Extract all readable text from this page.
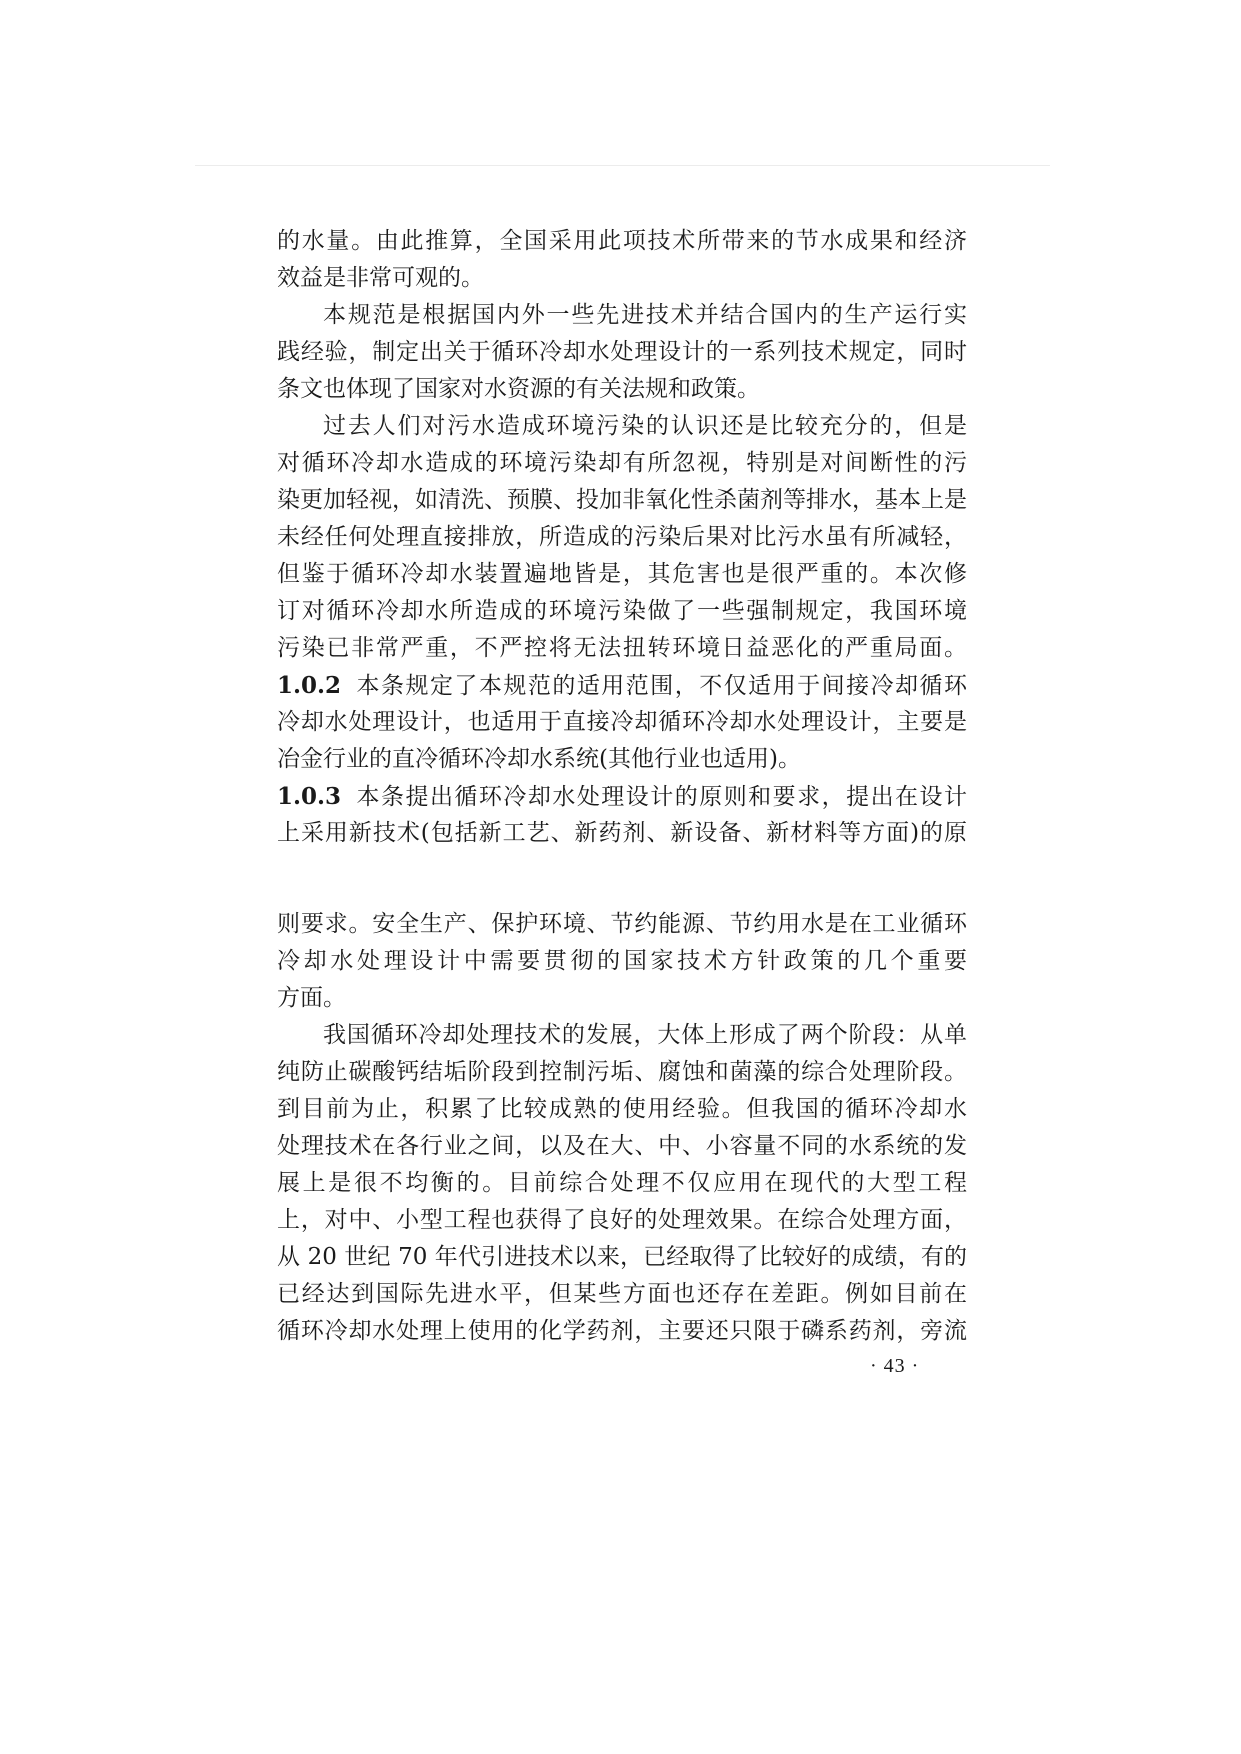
的水量。由此推算，全国采用此项技术所带来的节水成果和经济
效益是非常可观的。
本规范是根据国内外一些先进技术并结合国内的生产运行实
践经验，制定出关于循环冷却水处理设计的一系列技术规定，同时
条文也体现了国家对水资源的有关法规和政策。
过去人们对污水造成环境污染的认识还是比较充分的，但是
对循环冷却水造成的环境污染却有所忽视，特别是对间断性的污
染更加轻视，如清洗、预膜、投加非氧化性杀菌剂等排水，基本上是
未经任何处理直接排放，所造成的污染后果对比污水虽有所减轻，
但鉴于循环冷却水装置遍地皆是，其危害也是很严重的。本次修
订对循环冷却水所造成的环境污染做了一些强制规定，我国环境
污染已非常严重，不严控将无法扭转环境日益恶化的严重局面。
1.0.2 本条规定了本规范的适用范围，不仅适用于间接冷却循环
冷却水处理设计，也适用于直接冷却循环冷却水处理设计，主要是
冶金行业的直冷循环冷却水系统(其他行业也适用)。
1.0.3 本条提出循环冷却水处理设计的原则和要求，提出在设计
上采用新技术(包括新工艺、新药剂、新设备、新材料等方面)的原
则要求。安全生产、保护环境、节约能源、节约用水是在工业循环
冷却水处理设计中需要贯彻的国家技术方针政策的几个重要
方面。
我国循环冷却处理技术的发展，大体上形成了两个阶段：从单
纯防止碳酸钙结垢阶段到控制污垢、腐蚀和菌藻的综合处理阶段。
到目前为止，积累了比较成熟的使用经验。但我国的循环冷却水
处理技术在各行业之间，以及在大、中、小容量不同的水系统的发
展上是很不均衡的。目前综合处理不仅应用在现代的大型工程
上，对中、小型工程也获得了良好的处理效果。在综合处理方面，
从 20 世纪 70 年代引进技术以来，已经取得了比较好的成绩，有的
已经达到国际先进水平，但某些方面也还存在差距。例如目前在
循环冷却水处理上使用的化学药剂，主要还只限于磷系药剂，旁流
· 43 ·
